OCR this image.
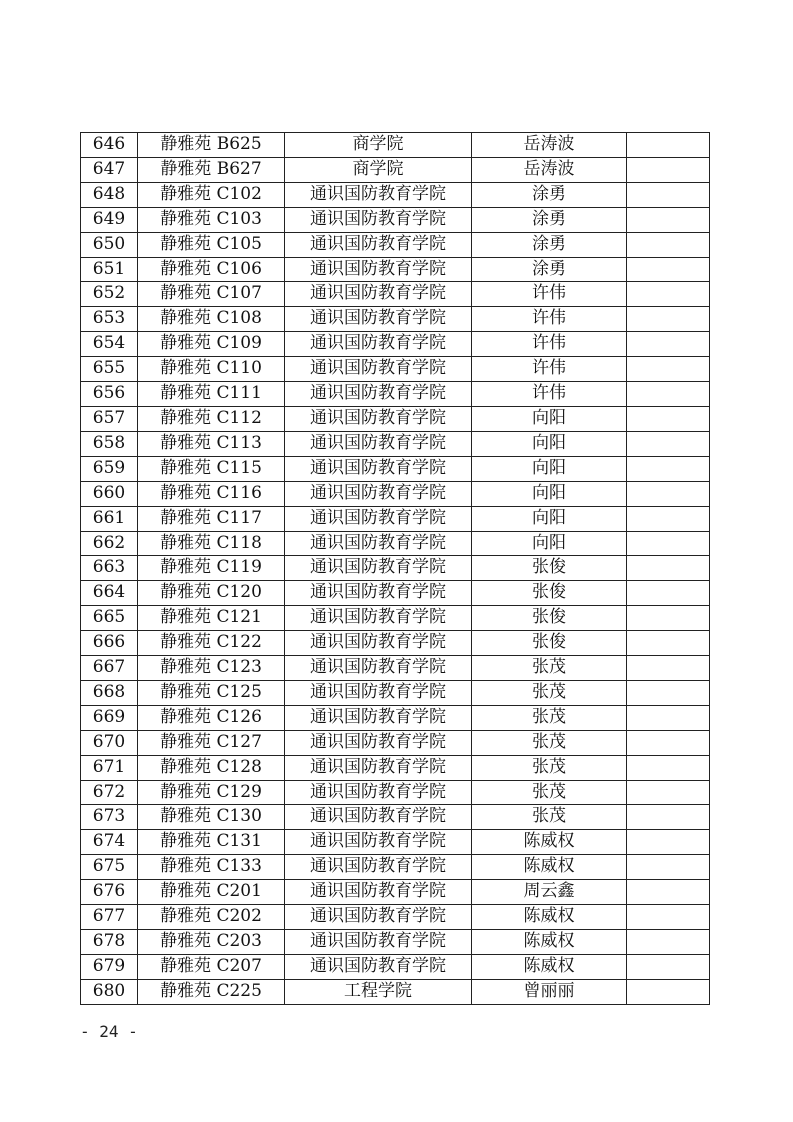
646	静雅苑 B625	商学院	岳涛波	
647	静雅苑 B627	商学院	岳涛波	
648	静雅苑 C102	通识国防教育学院	涂勇	
649	静雅苑 C103	通识国防教育学院	涂勇	
650	静雅苑 C105	通识国防教育学院	涂勇	
651	静雅苑 C106	通识国防教育学院	涂勇	
652	静雅苑 C107	通识国防教育学院	许伟	
653	静雅苑 C108	通识国防教育学院	许伟	
654	静雅苑 C109	通识国防教育学院	许伟	
655	静雅苑 C110	通识国防教育学院	许伟	
656	静雅苑 C111	通识国防教育学院	许伟	
657	静雅苑 C112	通识国防教育学院	向阳	
658	静雅苑 C113	通识国防教育学院	向阳	
659	静雅苑 C115	通识国防教育学院	向阳	
660	静雅苑 C116	通识国防教育学院	向阳	
661	静雅苑 C117	通识国防教育学院	向阳	
662	静雅苑 C118	通识国防教育学院	向阳	
663	静雅苑 C119	通识国防教育学院	张俊	
664	静雅苑 C120	通识国防教育学院	张俊	
665	静雅苑 C121	通识国防教育学院	张俊	
666	静雅苑 C122	通识国防教育学院	张俊	
667	静雅苑 C123	通识国防教育学院	张茂	
668	静雅苑 C125	通识国防教育学院	张茂	
669	静雅苑 C126	通识国防教育学院	张茂	
670	静雅苑 C127	通识国防教育学院	张茂	
671	静雅苑 C128	通识国防教育学院	张茂	
672	静雅苑 C129	通识国防教育学院	张茂	
673	静雅苑 C130	通识国防教育学院	张茂	
674	静雅苑 C131	通识国防教育学院	陈威权	
675	静雅苑 C133	通识国防教育学院	陈威权	
676	静雅苑 C201	通识国防教育学院	周云鑫	
677	静雅苑 C202	通识国防教育学院	陈威权	
678	静雅苑 C203	通识国防教育学院	陈威权	
679	静雅苑 C207	通识国防教育学院	陈威权	
680	静雅苑 C225	工程学院	曾丽丽	
- 24 -
